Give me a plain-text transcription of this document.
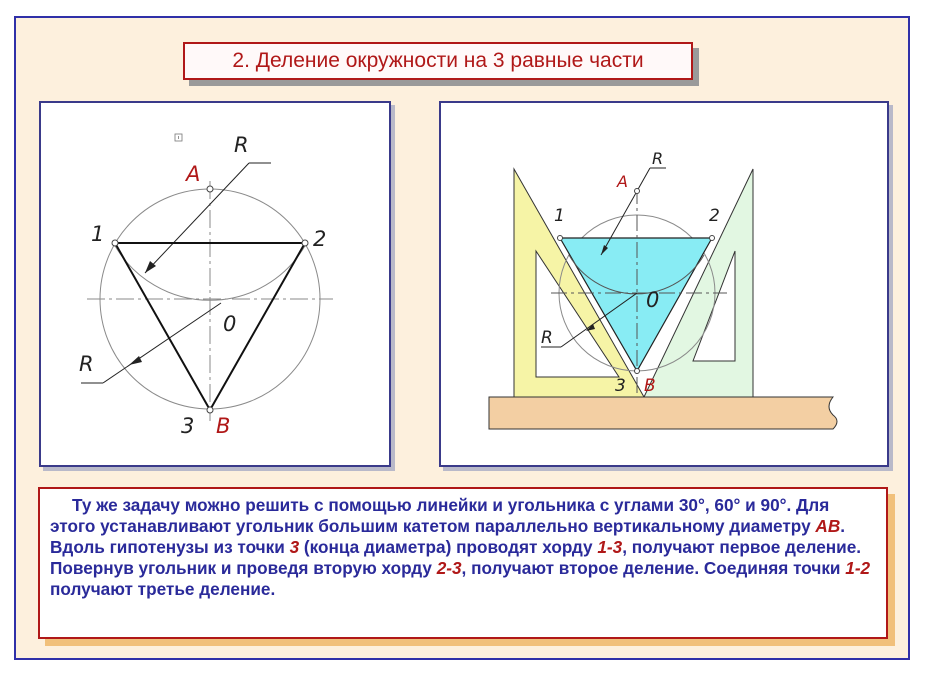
2. Деление окружности на 3 равные части
A
R
1	2
0
R
3 B
A
R
1	2
0
R
3 B
Ту же задачу можно решить с помощью линейки и угольника с углами 30°, 60° и 90°. Для этого устанавливают угольник большим катетом параллельно вертикальному диаметру АВ. Вдоль гипотенузы из точки 3 (конца диаметра) проводят хорду 1-3, получают первое деление. Повернув угольник и проведя вторую хорду 2-3, получают второе деление. Соединяя точки 1-2 получают третье деление.
